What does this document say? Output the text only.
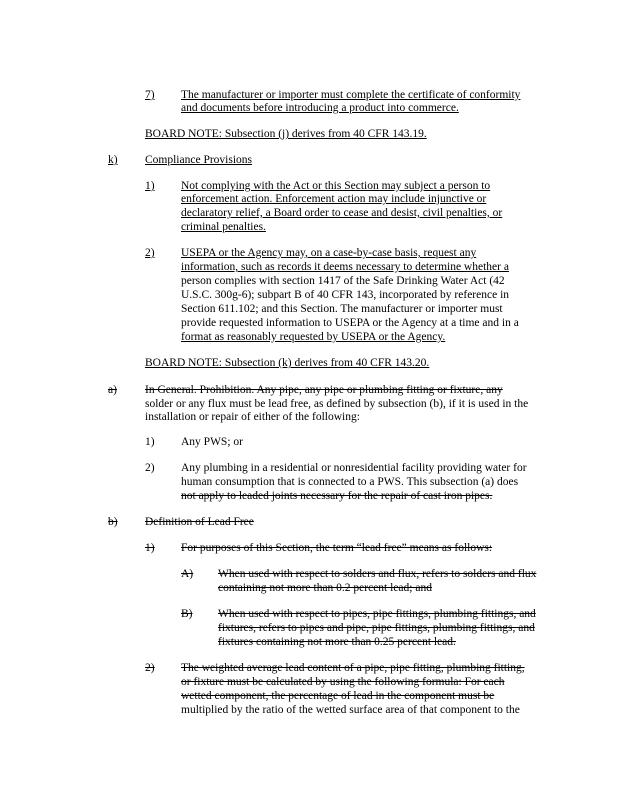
7) The manufacturer or importer must complete the certificate of conformity
and documents before introducing a product into commerce.
BOARD NOTE: Subsection (j) derives from 40 CFR 143.19.
k) Compliance Provisions
1) Not complying with the Act or this Section may subject a person to
enforcement action. Enforcement action may include injunctive or
declaratory relief, a Board order to cease and desist, civil penalties, or
criminal penalties.
2) USEPA or the Agency may, on a case-by-case basis, request any
information, such as records it deems necessary to determine whether a
person complies with section 1417 of the Safe Drinking Water Act (42
U.S.C. 300g-6); subpart B of 40 CFR 143, incorporated by reference in
Section 611.102; and this Section. The manufacturer or importer must
provide requested information to USEPA or the Agency at a time and in a
format as reasonably requested by USEPA or the Agency.
BOARD NOTE: Subsection (k) derives from 40 CFR 143.20.
a) In General. Prohibition. Any pipe, any pipe or plumbing fitting or fixture, any
solder or any flux must be lead free, as defined by subsection (b), if it is used in the
installation or repair of either of the following:
1) Any PWS; or
2) Any plumbing in a residential or nonresidential facility providing water for
human consumption that is connected to a PWS. This subsection (a) does
not apply to leaded joints necessary for the repair of cast iron pipes.
b) Definition of Lead Free
1) For purposes of this Section, the term “lead free” means as follows:
A) When used with respect to solders and flux, refers to solders and flux
containing not more than 0.2 percent lead; and
B) When used with respect to pipes, pipe fittings, plumbing fittings, and
fixtures, refers to pipes and pipe, pipe fittings, plumbing fittings, and
fixtures containing not more than 0.25 percent lead.
2) The weighted average lead content of a pipe, pipe fitting, plumbing fitting,
or fixture must be calculated by using the following formula: For each
wetted component, the percentage of lead in the component must be
multiplied by the ratio of the wetted surface area of that component to the
